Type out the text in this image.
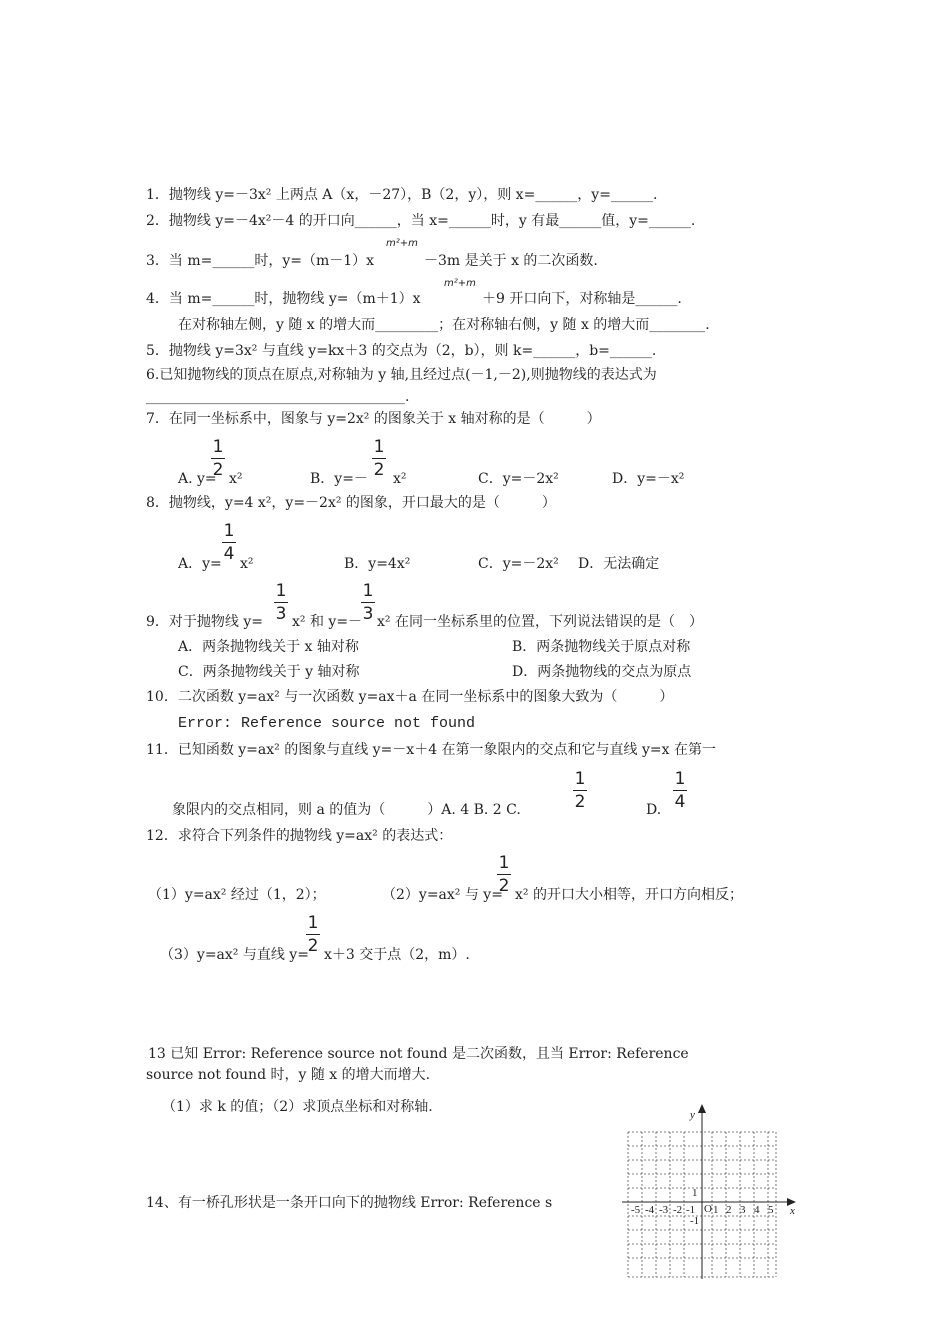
1．抛物线 y=－3x² 上两点 A（x，－27），B（2，y），则 x=______，y=______.
2．抛物线 y=－4x²－4 的开口向______，当 x=______时，y 有最______值，y=______.
3．当 m=______时，y=（m－1）x
m²+m
－3m 是关于 x 的二次函数.
4．当 m=______时，抛物线 y=（m＋1）x
m²+m
＋9 开口向下，对称轴是______.
在对称轴左侧，y 随 x 的增大而_________；在对称轴右侧，y 随 x 的增大而________.
5．抛物线 y=3x² 与直线 y=kx＋3 的交点为（2，b），则 k=______，b=______.
6.已知抛物线的顶点在原点,对称轴为 y 轴,且经过点(－1,－2),则抛物线的表达式为
_____________________________________.
7．在同一坐标系中，图象与 y=2x² 的图象关于 x 轴对称的是（　　　）
A. y=
1
2 x²	B．y=－
1
2 x²	C．y=－2x²	D．y=－x²
8．抛物线，y=4 x²，y=－2x² 的图象，开口最大的是（　　　）
A．y=
1
4 x²	B．y=4x²	C．y=－2x² D．无法确定
9．对于抛物线 y=
1
3 x² 和 y=－
1
3 x² 在同一坐标系里的位置，下列说法错误的是（　）
A．两条抛物线关于 x 轴对称	B．两条抛物线关于原点对称
C．两条抛物线关于 y 轴对称	D．两条抛物线的交点为原点
10．二次函数 y=ax² 与一次函数 y=ax＋a 在同一坐标系中的图象大致为（　　　）
Error: Reference source not found
11．已知函数 y=ax² 的图象与直线 y=－x＋4 在第一象限内的交点和它与直线 y=x 在第一
象限内的交点相同，则 a 的值为（　　　）A. 4 B. 2 C.
1
2	D.
1
4
12．求符合下列条件的抛物线 y=ax² 的表达式：
（1）y=ax² 经过（1，2）；	（2）y=ax² 与 y=
1
2 x² 的开口大小相等，开口方向相反；
（3）y=ax² 与直线 y=
1
2 x＋3 交于点（2，m）.
13 已知 Error: Reference source not found 是二次函数，且当 Error: Reference
source not found 时，y 随 x 的增大而增大.
（1）求 k 的值；（2）求顶点坐标和对称轴.
14、有一桥孔形状是一条开口向下的抛物线 Error: Reference s
y
x
O
-5 -4 -3 -2 -1 1 2 3 4 5
1
-1
